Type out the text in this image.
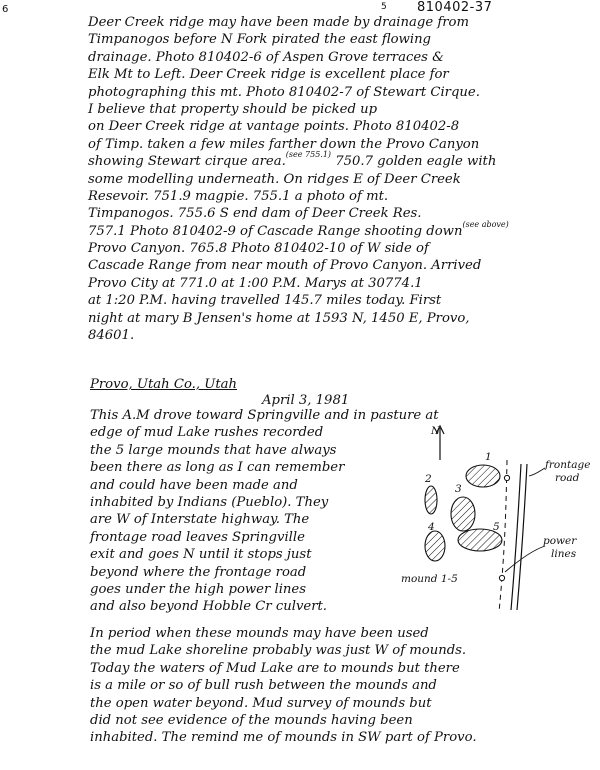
6	5 810402-37
Deer Creek ridge may have been made by drainage from
Timpanogos before N Fork pirated the east flowing
drainage. Photo 810402-6 of Aspen Grove terraces &
Elk Mt to Left. Deer Creek ridge is excellent place for
photographing this mt. Photo 810402-7 of Stewart Cirque.
I believe that property should be picked up
on Deer Creek ridge at vantage points. Photo 810402-8
of Timp. taken a few miles farther down the Provo Canyon
showing Stewart cirque area.$^{(see 755.1)}$ 750.7 golden eagle with
some modelling underneath. On ridges E of Deer Creek
Resevoir. 751.9 magpie. 755.1 a photo of mt.
Timpanogos. 755.6 S end dam of Deer Creek Res.
757.1 Photo 810402-9 of Cascade Range shooting down$^{(see above)}$
Provo Canyon. 765.8 Photo 810402-10 of W side of
Cascade Range from near mouth of Provo Canyon. Arrived
Provo City at 771.0 at 1:00 P.M. Marys at 30774.1
at 1:20 P.M. having travelled 145.7 miles today. First
night at mary B Jensen's home at 1593 N, 1450 E, Provo,
84601.
Provo, Utah Co., Utah
April 3, 1981
This A.M drove toward Springville and in pasture at
edge of mud Lake rushes recorded
the 5 large mounds that have always
been there as long as I can remember
and could have been made and
inhabited by Indians (Pueblo). They
are W of Interstate highway. The
frontage road leaves Springville
exit and goes N until it stops just
beyond where the frontage road
goes under the high power lines
and also beyond Hobble Cr culvert.
In period when these mounds may have been used
the mud Lake shoreline probably was just W of mounds.
Today the waters of Mud Lake are to mounds but there
is a mile or so of bull rush between the mounds and
the open water beyond. Mud survey of mounds but
did not see evidence of the mounds having been
inhabited. The remind me of mounds in SW part of Provo.
N
1
2
3
4	5
frontage
road
power
lines
mound 1-5
